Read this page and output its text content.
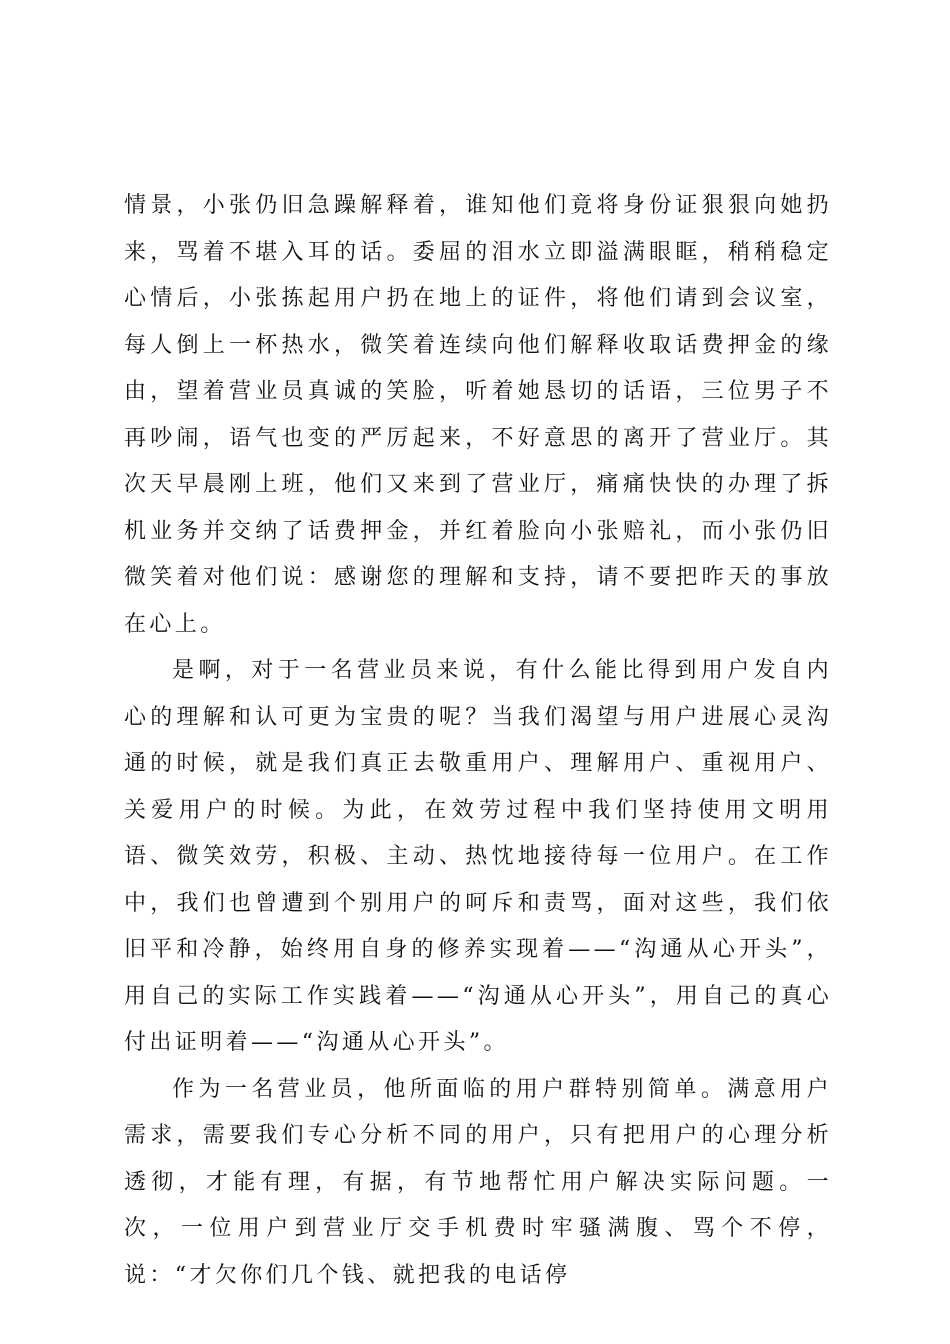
情景，小张仍旧急躁解释着，谁知他们竟将身份证狠狠向她扔来，骂着不堪入耳的话。委屈的泪水立即溢满眼眶，稍稍稳定心情后，小张拣起用户扔在地上的证件，将他们请到会议室，每人倒上一杯热水，微笑着连续向他们解释收取话费押金的缘由，望着营业员真诚的笑脸，听着她恳切的话语，三位男子不再吵闹，语气也变的严厉起来，不好意思的离开了营业厅。其次天早晨刚上班，他们又来到了营业厅，痛痛快快的办理了拆机业务并交纳了话费押金，并红着脸向小张赔礼，而小张仍旧微笑着对他们说：感谢您的理解和支持，请不要把昨天的事放在心上。

是啊，对于一名营业员来说，有什么能比得到用户发自内心的理解和认可更为宝贵的呢？当我们渴望与用户进展心灵沟通的时候，就是我们真正去敬重用户、理解用户、重视用户、关爱用户的时候。为此，在效劳过程中我们坚持使用文明用语、微笑效劳，积极、主动、热忱地接待每一位用户。在工作中，我们也曾遭到个别用户的呵斥和责骂，面对这些，我们依旧平和冷静，始终用自身的修养实现着——“沟通从心开头”，用自己的实际工作实践着——“沟通从心开头”，用自己的真心付出证明着——“沟通从心开头”。

作为一名营业员，他所面临的用户群特别简单。满意用户需求，需要我们专心分析不同的用户，只有把用户的心理分析透彻，才能有理，有据，有节地帮忙用户解决实际问题。一次，一位用户到营业厅交手机费时牢骚满腹、骂个不停，说：“才欠你们几个钱、就把我的电话停
